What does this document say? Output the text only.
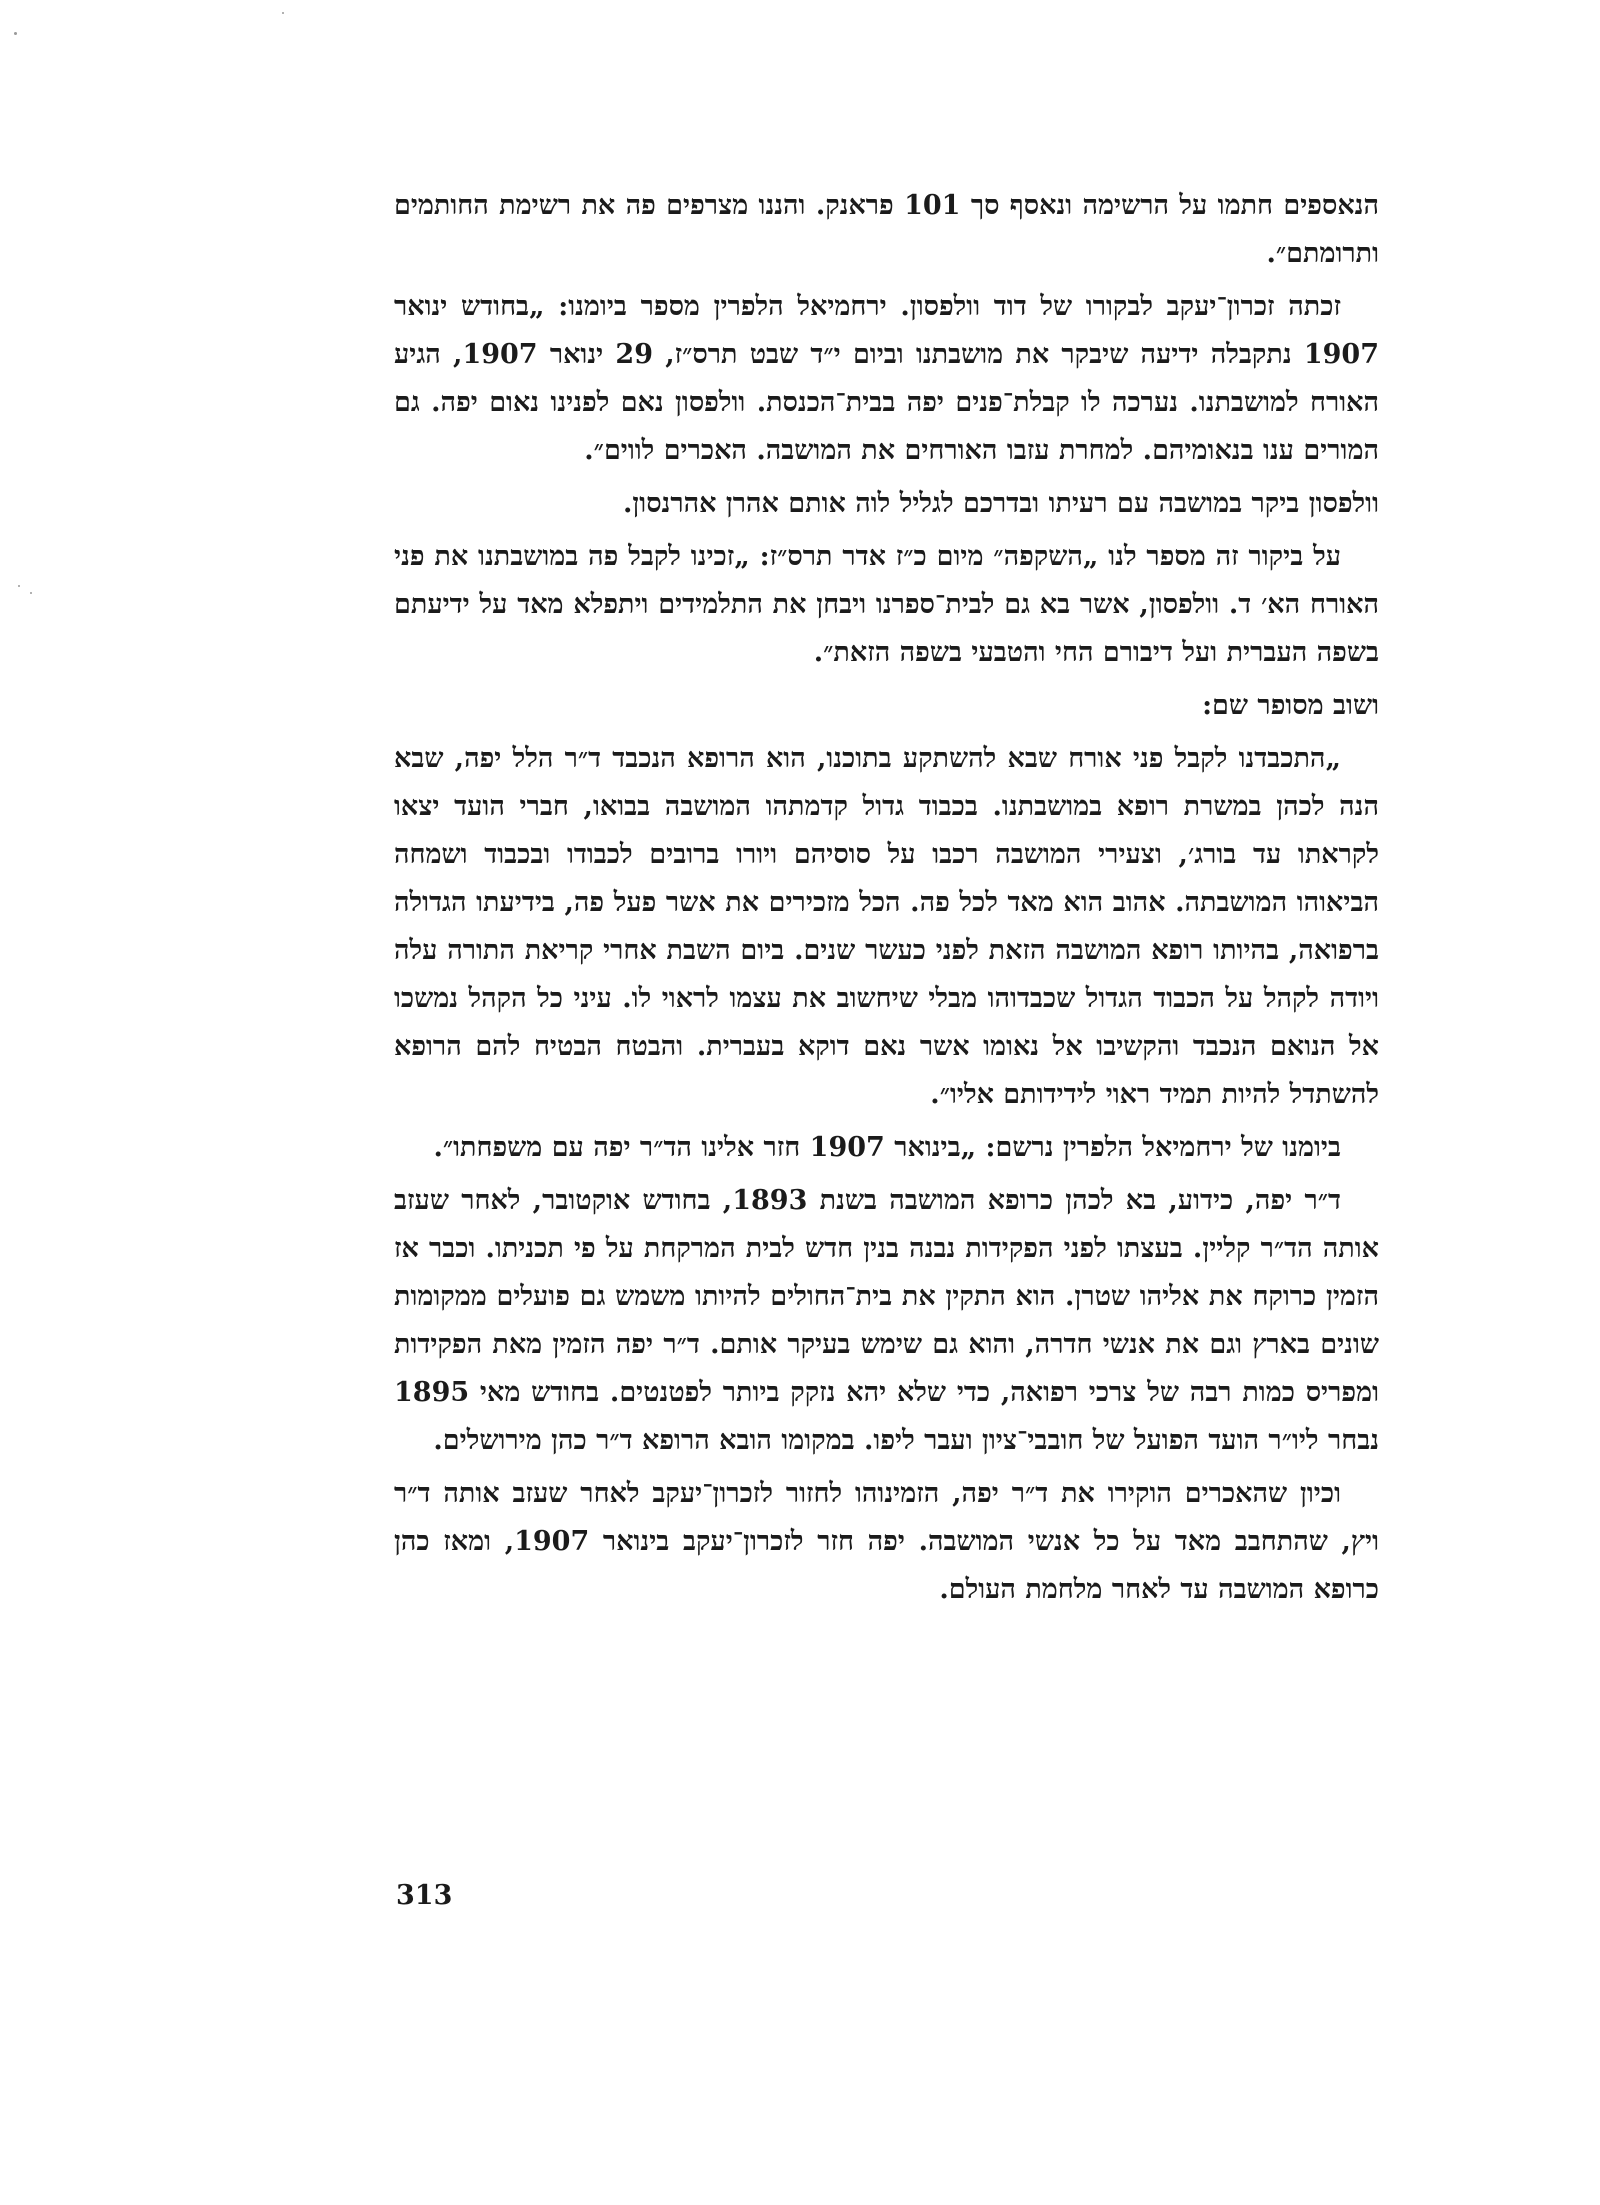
הנאספים חתמו על הרשימה ונאסף סך 101 פראנק. והננו מצרפים פה את רשימת החותמים ותרומתם״.

זכתה זכרון־יעקב לבקורו של דוד וולפסון. ירחמיאל הלפרין מספר ביומנו: „בחודש ינואר 1907 נתקבלה ידיעה שיבקר את מושבתנו וביום י״ד שבט תרס״ז, 29 ינואר 1907, הגיע האורח למושבתנו. נערכה לו קבלת־פנים יפה בבית־הכנסת. וולפסון נאם לפנינו נאום יפה. גם המורים ענו בנאומיהם. למחרת עזבו האורחים את המושבה. האכרים לווים״.

וולפסון ביקר במושבה עם רעיתו ובדרכם לגליל לוה אותם אהרן אהרנסון.

על ביקור זה מספר לנו „השקפה״ מיום כ״ז אדר תרס״ז: „זכינו לקבל פה במושבתנו את פני האורח הא׳ ד. וולפסון, אשר בא גם לבית־ספרנו ויבחן את התלמידים ויתפלא מאד על ידיעתם בשפה העברית ועל דיבורם החי והטבעי בשפה הזאת״.

ושוב מסופר שם:

„התכבדנו לקבל פני אורח שבא להשתקע בתוכנו, הוא הרופא הנכבד ד״ר הלל יפה, שבא הנה לכהן במשרת רופא במושבתנו. בכבוד גדול קדמתהו המושבה בבואו, חברי הועד יצאו לקראתו עד בורג׳, וצעירי המושבה רכבו על סוסיהם ויורו ברובים לכבודו ובכבוד ושמחה הביאוהו המושבתה. אהוב הוא מאד לכל פה. הכל מזכירים את אשר פעל פה, בידיעתו הגדולה ברפואה, בהיותו רופא המושבה הזאת לפני כעשר שנים. ביום השבת אחרי קריאת התורה עלה ויודה לקהל על הכבוד הגדול שכבדוהו מבלי שיחשוב את עצמו לראוי לו. עיני כל הקהל נמשכו אל הנואם הנכבד והקשיבו אל נאומו אשר נאם דוקא בעברית. והבטח הבטיח להם הרופא להשתדל להיות תמיד ראוי לידידותם אליו״.

ביומנו של ירחמיאל הלפרין נרשם: „בינואר 1907 חזר אלינו הד״ר יפה עם משפחתו״.

ד״ר יפה, כידוע, בא לכהן כרופא המושבה בשנת 1893, בחודש אוקטובר, לאחר שעזב אותה הד״ר קליין. בעצתו לפני הפקידות נבנה בנין חדש לבית המרקחת על פי תכניתו. וכבר אז הזמין כרוקח את אליהו שטרן. הוא התקין את בית־החולים להיותו משמש גם פועלים ממקומות שונים בארץ וגם את אנשי חדרה, והוא גם שימש בעיקר אותם. ד״ר יפה הזמין מאת הפקידות ומפריס כמות רבה של צרכי רפואה, כדי שלא יהא נזקק ביותר לפטנטים. בחודש מאי 1895 נבחר ליו״ר הועד הפועל של חובבי־ציון ועבר ליפו. במקומו הובא הרופא ד״ר כהן מירושלים.

וכיון שהאכרים הוקירו את ד״ר יפה, הזמינוהו לחזור לזכרון־יעקב לאחר שעזב אותה ד״ר ויץ, שהתחבב מאד על כל אנשי המושבה. יפה חזר לזכרון־יעקב בינואר 1907, ומאז כהן כרופא המושבה עד לאחר מלחמת העולם.

313
